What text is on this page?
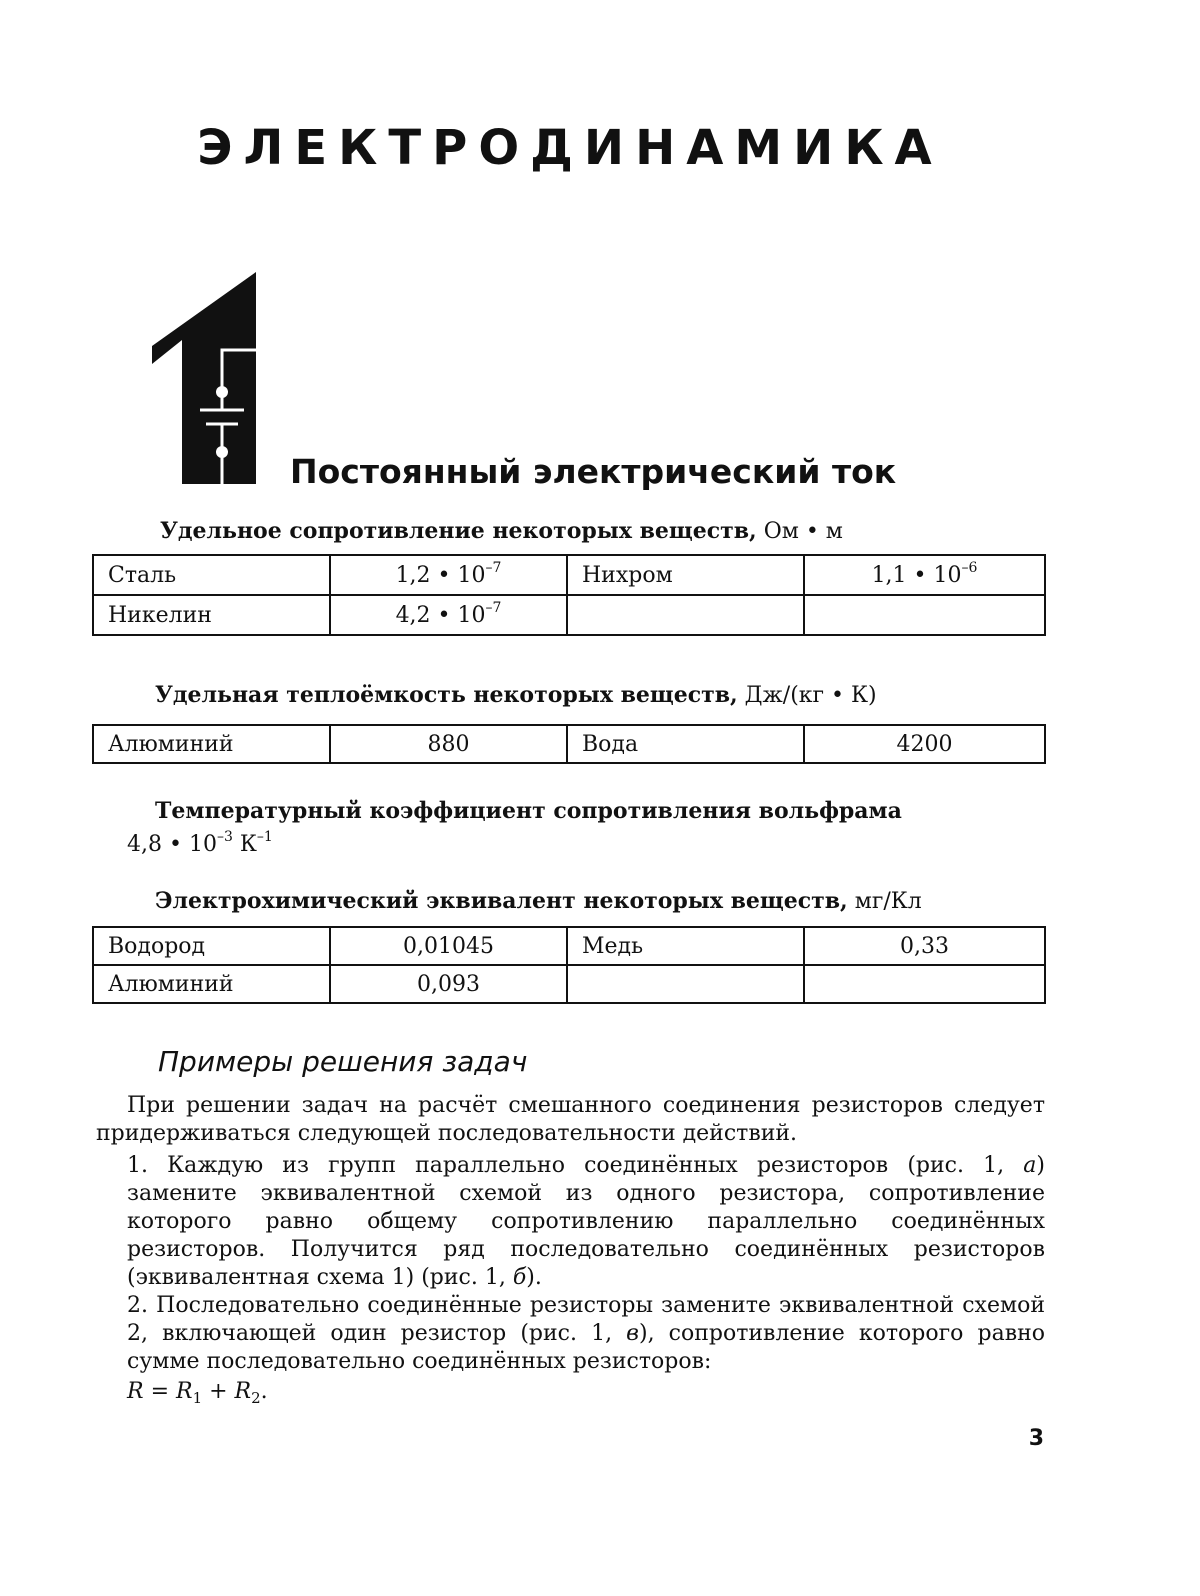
ЭЛЕКТРОДИНАМИКА
Постоянный электрический ток

Удельное сопротивление некоторых веществ, Ом • м

Сталь	1,2 • $10^{-7}$	Нихром	1,1 • $10^{-6}$
Никелин	4,2 • $10^{-7}$		

Удельная теплоёмкость некоторых веществ, Дж/(кг • К)

Алюминий	880	Вода	4200

Температурный коэффициент сопротивления вольфрама

4,8 • $10^{-3}$ $К^{-1}$

Электрохимический эквивалент некоторых веществ, мг/Кл

Водород	0,01045	Медь	0,33
Алюминий	0,093		
Примеры решения задач

При решении задач на расчёт смешанного соединения резисторов следует придерживаться следующей последовательности действий.

1. Каждую из групп параллельно соединённых резисторов (рис. 1, а) замените эквивалентной схемой из одного резистора, сопротивление которого равно общему сопротивлению параллельно соединённых резисторов. Получится ряд последовательно соединённых резисторов (эквивалентная схема 1) (рис. 1, б).

2. Последовательно соединённые резисторы замените эквивалентной схемой 2, включающей один резистор (рис. 1, в), сопротивление которого равно сумме последовательно соединённых резисторов:

$R = R_1 + R_2$.

3
